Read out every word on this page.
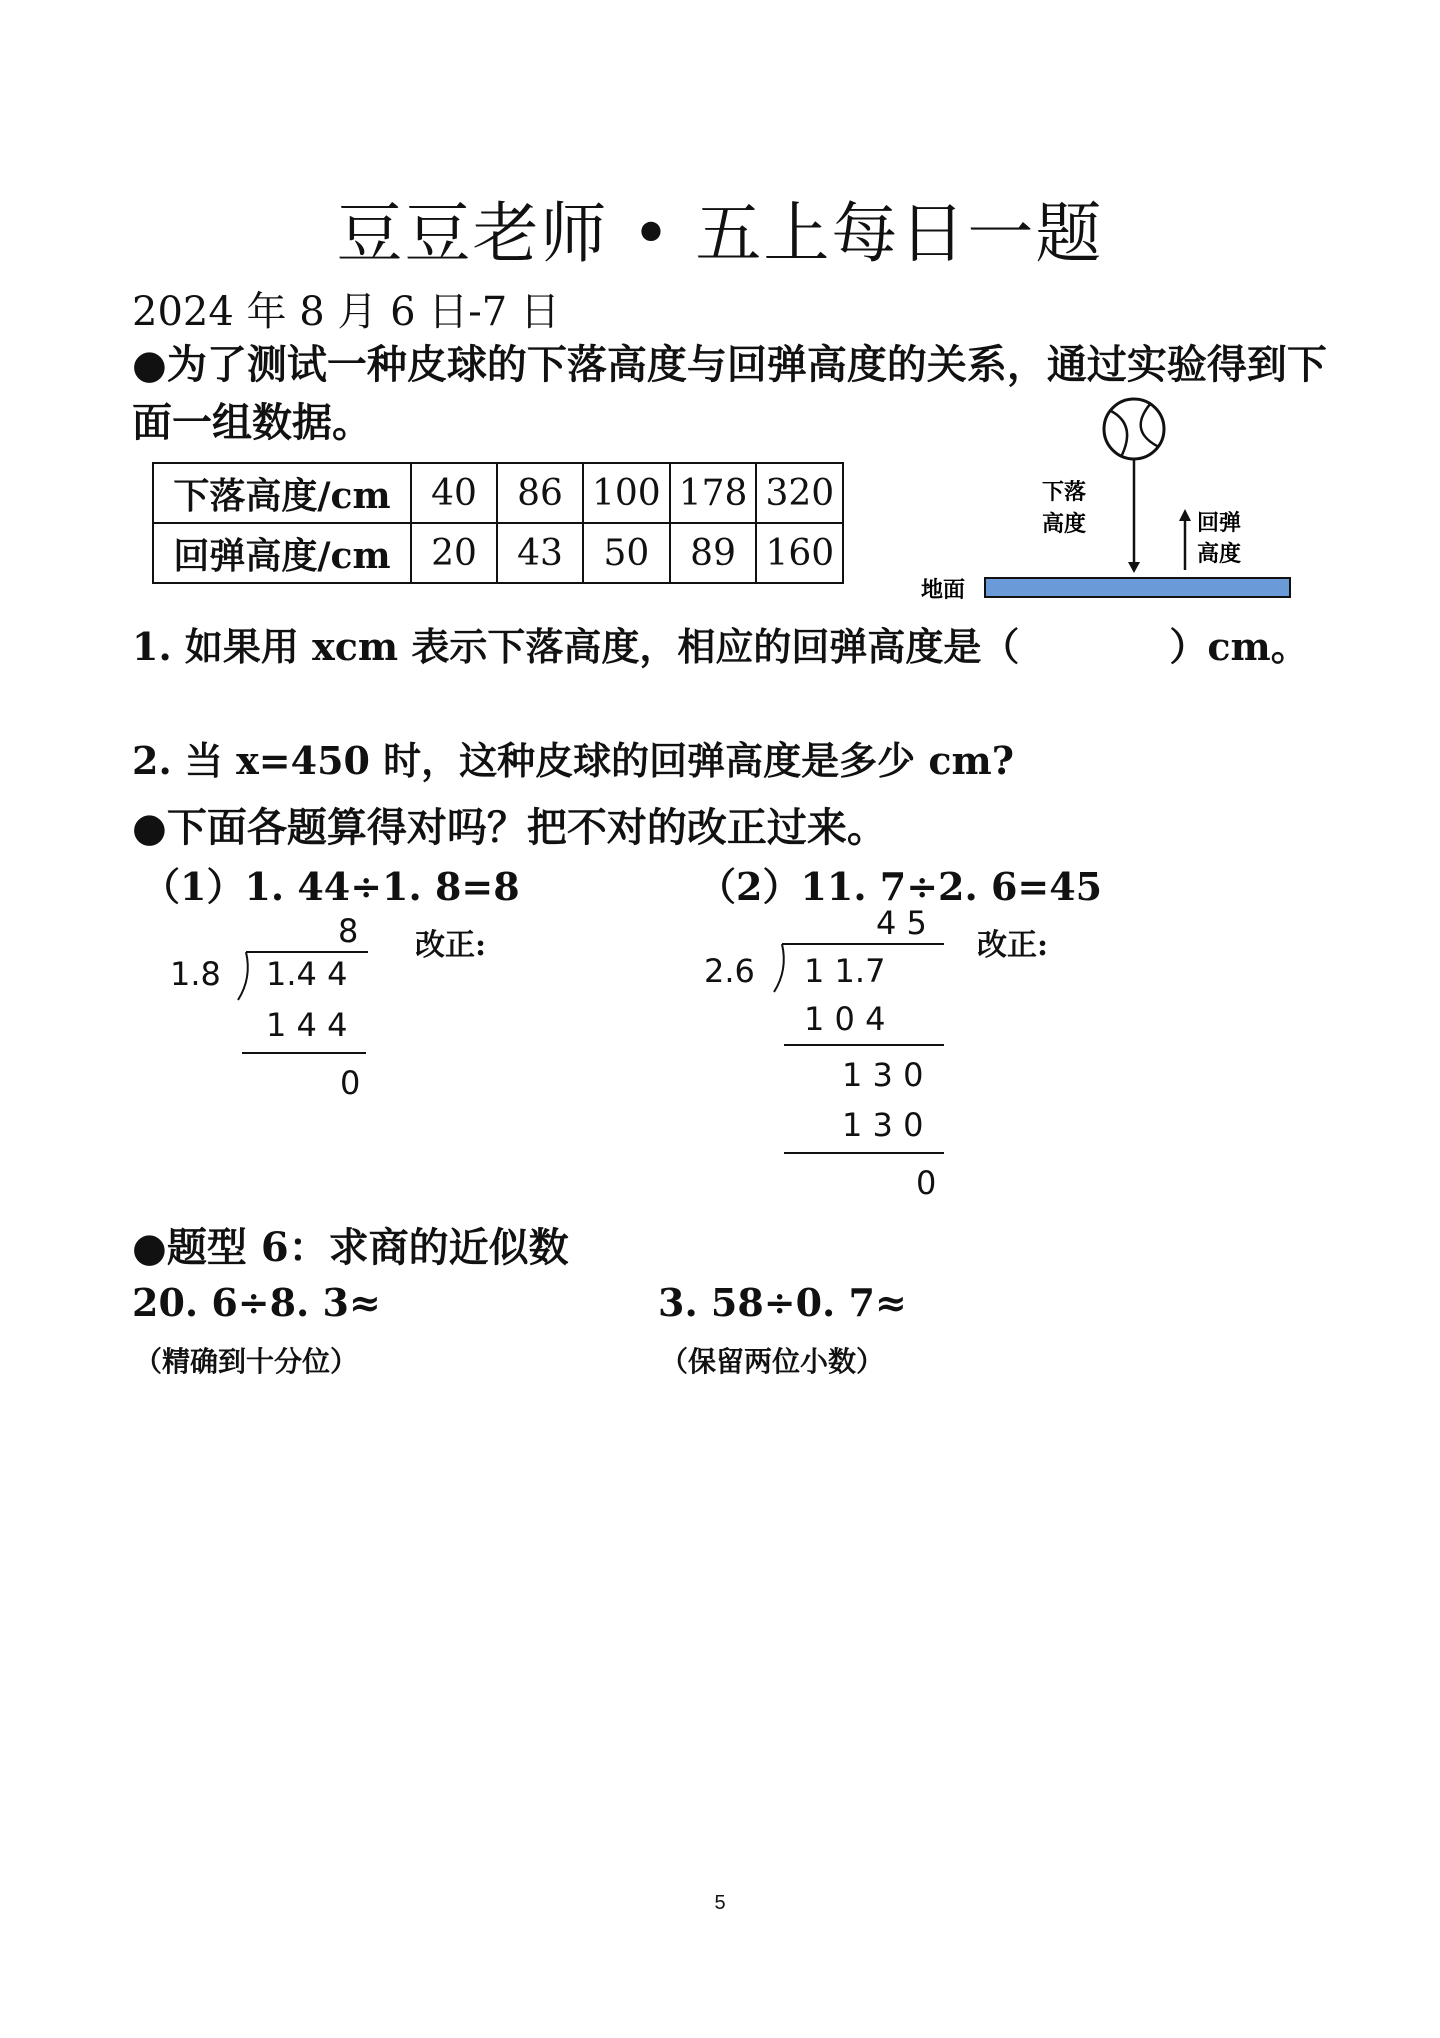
豆豆老师 • 五上每日一题
2024 年 8 月 6 日-7 日
●为了测试一种皮球的下落高度与回弹高度的关系，通过实验得到下面一组数据。
下落高度/cm	40	86	100	178	320
回弹高度/cm	20	43	50	89	160
下落
高度	回弹
高度
地面
1. 如果用 xcm 表示下落高度，相应的回弹高度是（	）cm。
2. 当 x=450 时，这种皮球的回弹高度是多少 cm?
●下面各题算得对吗？把不对的改正过来。
（1）1. 44÷1. 8=8
改正:
1.8
8
1.4 4
1 4 4
0
（2）11. 7÷2. 6=45
改正:
2.6
4 5
1 1.7
1 0 4
1 3 0
1 3 0
0
●题型 6：求商的近似数
20. 6÷8. 3≈
（精确到十分位）
3. 58÷0. 7≈
（保留两位小数）
5
